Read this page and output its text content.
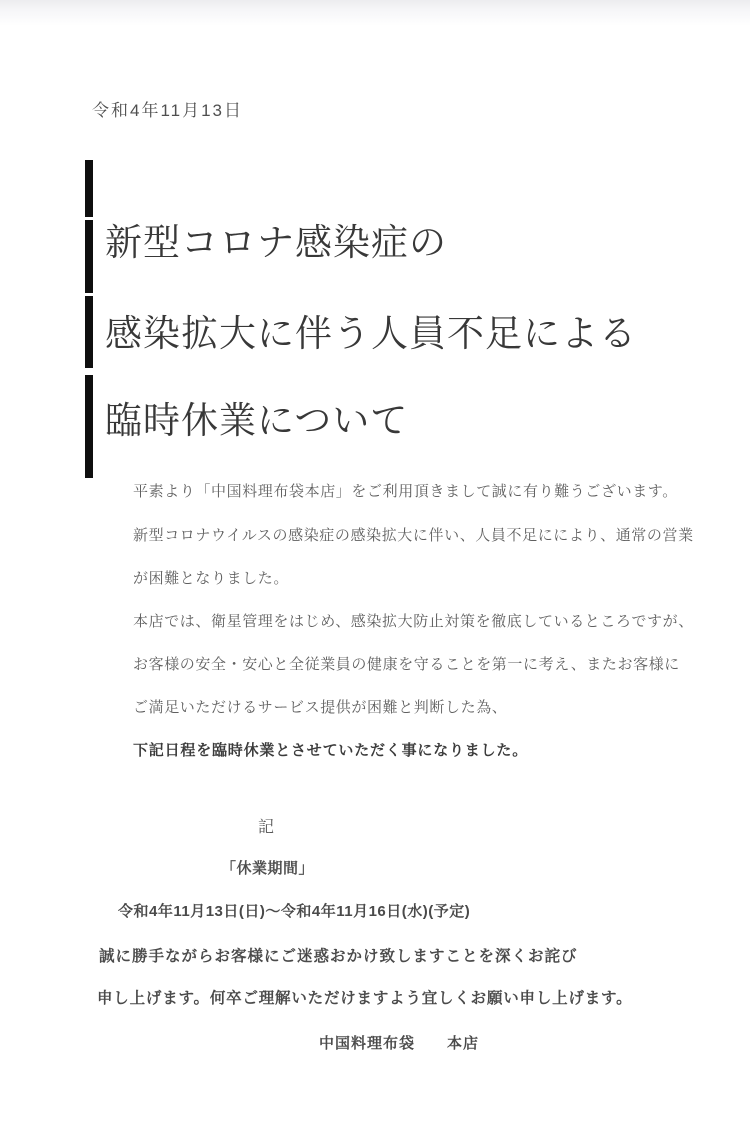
令和4年11月13日
新型コロナ感染症の
感染拡大に伴う人員不足による
臨時休業について
平素より「中国料理布袋本店」をご利用頂きまして誠に有り難うございます。
新型コロナウイルスの感染症の感染拡大に伴い、人員不足ににより、通常の営業
が困難となりました。
本店では、衛星管理をはじめ、感染拡大防止対策を徹底しているところですが、
お客様の安全・安心と全従業員の健康を守ることを第一に考え、またお客様に
ご満足いただけるサービス提供が困難と判断した為、
下記日程を臨時休業とさせていただく事になりました。
記
「休業期間」
令和4年11月13日(日)～令和4年11月16日(水)(予定)
誠に勝手ながらお客様にご迷惑おかけ致しますことを深くお詫び
申し上げます。何卒ご理解いただけますよう宜しくお願い申し上げます。
中国料理布袋　　本店
